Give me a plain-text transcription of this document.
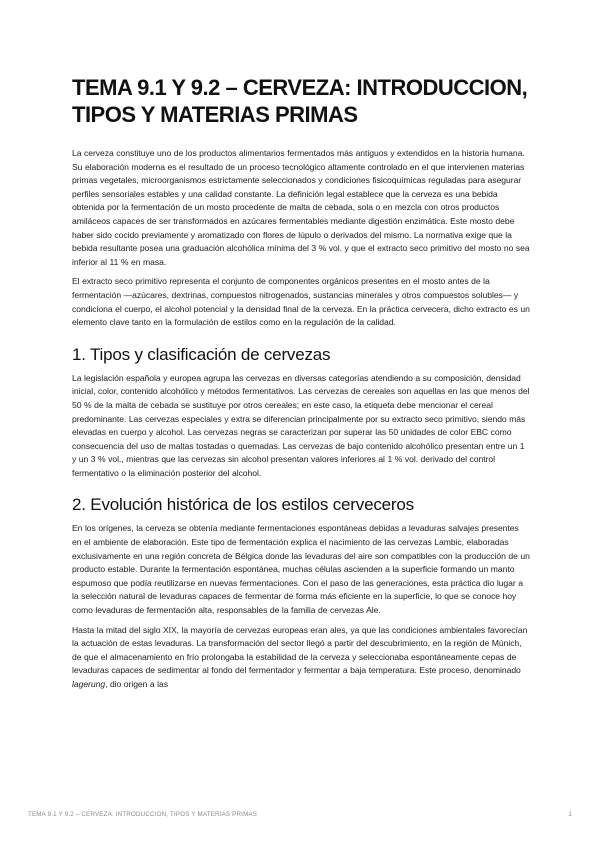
TEMA 9.1 Y 9.2 – CERVEZA: INTRODUCCION, TIPOS Y MATERIAS PRIMAS

La cerveza constituye uno de los productos alimentarios fermentados más antiguos y extendidos en la historia humana. Su elaboración moderna es el resultado de un proceso tecnológico altamente controlado en el que intervienen materias primas vegetales, microorganismos estrictamente seleccionados y condiciones fisicoquímicas reguladas para asegurar perfiles sensoriales estables y una calidad constante. La definición legal establece que la cerveza es una bebida obtenida por la fermentación de un mosto procedente de malta de cebada, sola o en mezcla con otros productos amiláceos capaces de ser transformados en azúcares fermentables mediante digestión enzimática. Este mosto debe haber sido cocido previamente y aromatizado con flores de lúpulo o derivados del mismo. La normativa exige que la bebida resultante posea una graduación alcohólica mínima del 3 % vol. y que el extracto seco primitivo del mosto no sea inferior al 11 % en masa.

El extracto seco primitivo representa el conjunto de componentes orgánicos presentes en el mosto antes de la fermentación —azúcares, dextrinas, compuestos nitrogenados, sustancias minerales y otros compuestos solubles— y condiciona el cuerpo, el alcohol potencial y la densidad final de la cerveza. En la práctica cervecera, dicho extracto es un elemento clave tanto en la formulación de estilos como en la regulación de la calidad.

1. Tipos y clasificación de cervezas

La legislación española y europea agrupa las cervezas en diversas categorías atendiendo a su composición, densidad inicial, color, contenido alcohólico y métodos fermentativos. Las cervezas de cereales son aquellas en las que menos del 50 % de la malta de cebada se sustituye por otros cereales; en este caso, la etiqueta debe mencionar el cereal predominante. Las cervezas especiales y extra se diferencian principalmente por su extracto seco primitivo, siendo más elevadas en cuerpo y alcohol. Las cervezas negras se caracterizan por superar las 50 unidades de color EBC como consecuencia del uso de maltas tostadas o quemadas. Las cervezas de bajo contenido alcohólico presentan entre un 1 y un 3 % vol., mientras que las cervezas sin alcohol presentan valores inferiores al 1 % vol. derivado del control fermentativo o la eliminación posterior del alcohol.

2. Evolución histórica de los estilos cerveceros

En los orígenes, la cerveza se obtenía mediante fermentaciones espontáneas debidas a levaduras salvajes presentes en el ambiente de elaboración. Este tipo de fermentación explica el nacimiento de las cervezas Lambic, elaboradas exclusivamente en una región concreta de Bélgica donde las levaduras del aire son compatibles con la producción de un producto estable. Durante la fermentación espontánea, muchas células ascienden a la superficie formando un manto espumoso que podía reutilizarse en nuevas fermentaciones. Con el paso de las generaciones, esta práctica dio lugar a la selección natural de levaduras capaces de fermentar de forma más eficiente en la superficie, lo que se conoce hoy como levaduras de fermentación alta, responsables de la familia de cervezas Ale.

Hasta la mitad del siglo XIX, la mayoría de cervezas europeas eran ales, ya que las condiciones ambientales favorecían la actuación de estas levaduras. La transformación del sector llegó a partir del descubrimiento, en la región de Múnich, de que el almacenamiento en frío prolongaba la estabilidad de la cerveza y seleccionaba espontáneamente cepas de levaduras capaces de sedimentar al fondo del fermentador y fermentar a baja temperatura. Este proceso, denominado lagerung, dio origen a las

TEMA 9.1 Y 9.2 – CERVEZA: INTRODUCCION, TIPOS Y MATERIAS PRIMAS	1
